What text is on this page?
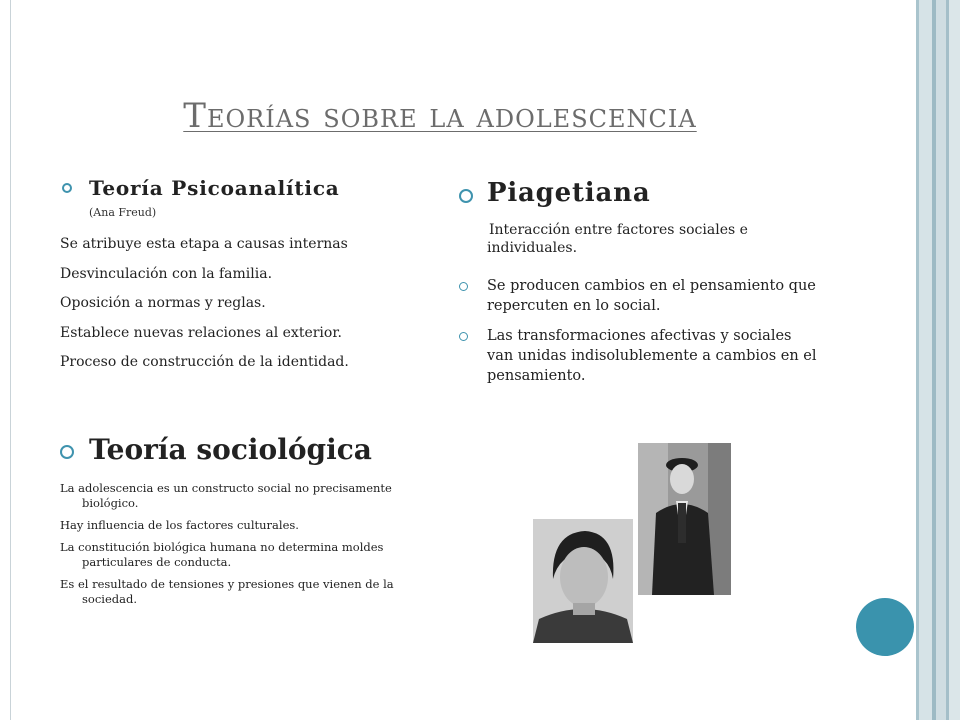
Teorías sobre la adolescencia
Teoría Psicoanalítica
(Ana Freud)
Se atribuye esta etapa a causas internas
Desvinculación con la familia.
Oposición a normas y reglas.
Establece nuevas relaciones al exterior.
Proceso de construcción de la identidad.
Teoría sociológica
La adolescencia es un constructo social no precisamente biológico.
Hay influencia de los factores culturales.
La constitución biológica humana no determina moldes particulares de conducta.
Es el resultado de tensiones y presiones que vienen de la sociedad.
Piagetiana

Interacción entre factores sociales e individuales.

Se producen cambios en el pensamiento que repercuten en lo social.
Las transformaciones afectivas y sociales van unidas indisolublemente a cambios en el pensamiento.
